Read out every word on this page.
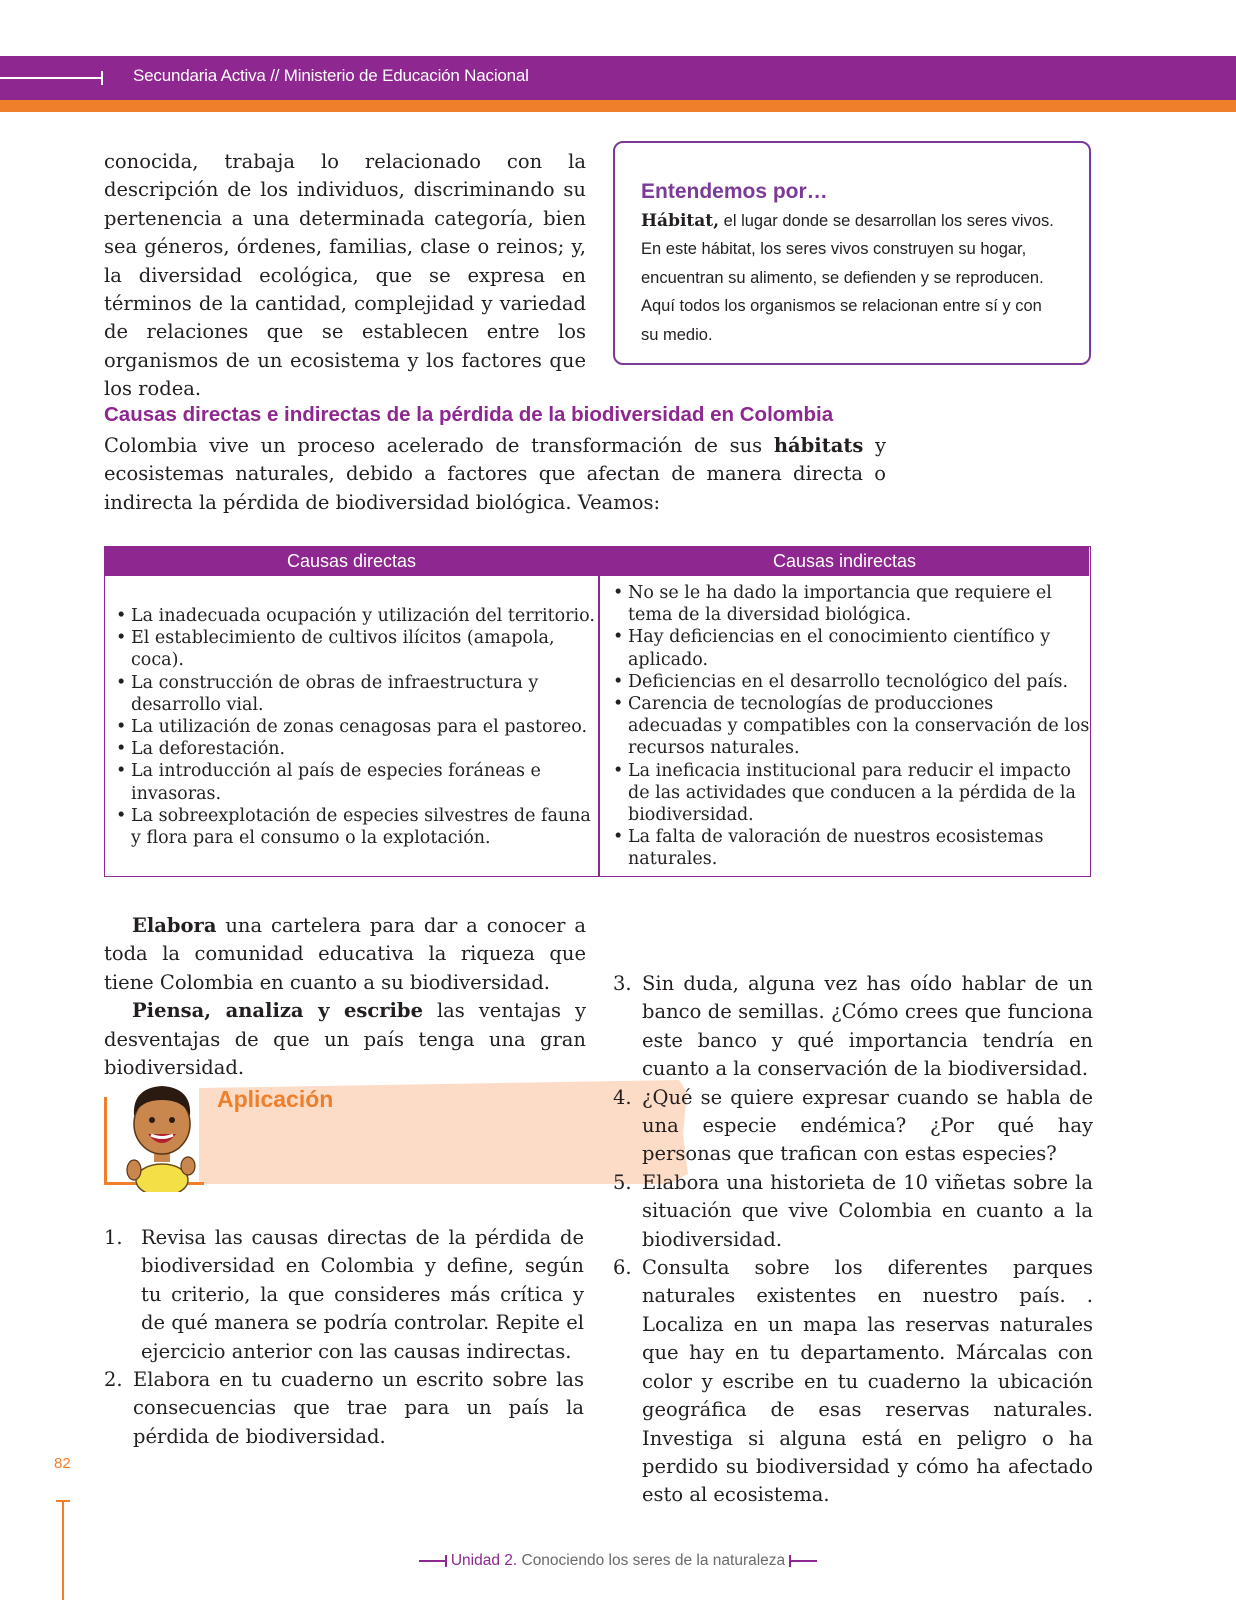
Secundaria Activa // Ministerio de Educación Nacional
conocida, trabaja lo relacionado con la descripción de los individuos, discriminando su pertenencia a una determinada categoría, bien sea géneros, órdenes, familias, clase o reinos; y, la diversidad ecológica, que se expresa en términos de la cantidad, complejidad y variedad de relaciones que se establecen entre los organismos de un ecosistema y los factores que los rodea.
Entendemos por…
Hábitat, el lugar donde se desarrollan los seres vivos. En este hábitat, los seres vivos construyen su hogar, encuentran su alimento, se defienden y se reproducen. Aquí todos los organismos se relacionan entre sí y con su medio.
Causas directas e indirectas de la pérdida de la biodiversidad en Colombia
Colombia vive un proceso acelerado de transformación de sus hábitats y ecosistemas naturales, debido a factores que afectan de manera directa o indirecta la pérdida de biodiversidad biológica. Veamos:
Causas directas	Causas indirectas
• La inadecuada ocupación y utilización del territorio.
• El establecimiento de cultivos ilícitos (amapola, coca).
• La construcción de obras de infraestructura y desarrollo vial.
• La utilización de zonas cenagosas para el pastoreo.
• La deforestación.
• La introducción al país de especies foráneas e invasoras.
• La sobreexplotación de especies silvestres de fauna y flora para el consumo o la explotación.
• No se le ha dado la importancia que requiere el tema de la diversidad biológica.
• Hay deficiencias en el conocimiento científico y aplicado.
• Deficiencias en el desarrollo tecnológico del país.
• Carencia de tecnologías de producciones adecuadas y compatibles con la conservación de los recursos naturales.
• La ineficacia institucional para reducir el impacto de las actividades que conducen a la pérdida de la biodiversidad.
• La falta de valoración de nuestros ecosistemas naturales.
Elabora una cartelera para dar a conocer a toda la comunidad educativa la riqueza que tiene Colombia en cuanto a su biodiversidad.
Piensa, analiza y escribe las ventajas y desventajas de que un país tenga una gran biodiversidad.
Aplicación
1. Revisa las causas directas de la pérdida de biodiversidad en Colombia y define, según tu criterio, la que consideres más crítica y de qué manera se podría controlar. Repite el ejercicio anterior con las causas indirectas.
2. Elabora en tu cuaderno un escrito sobre las consecuencias que trae para un país la pérdida de biodiversidad.
3. Sin duda, alguna vez has oído hablar de un banco de semillas. ¿Cómo crees que funciona este banco y qué importancia tendría en cuanto a la conservación de la biodiversidad.
4. ¿Qué se quiere expresar cuando se habla de una especie endémica? ¿Por qué hay personas que trafican con estas especies?
5. Elabora una historieta de 10 viñetas sobre la situación que vive Colombia en cuanto a la biodiversidad.
6. Consulta sobre los diferentes parques naturales existentes en nuestro país. . Localiza en un mapa las reservas naturales que hay en tu departamento. Márcalas con color y escribe en tu cuaderno la ubicación geográfica de esas reservas naturales. Investiga si alguna está en peligro o ha perdido su biodiversidad y cómo ha afectado esto al ecosistema.
82
Unidad 2. Conociendo los seres de la naturaleza
